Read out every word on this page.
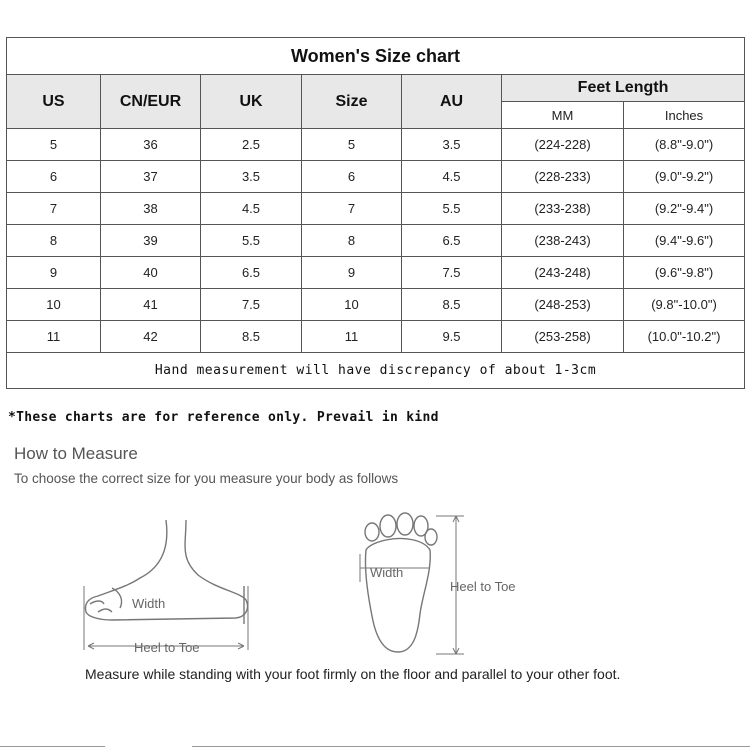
Women's Size chart						
US	CN/EUR	UK	Size	AU	Feet Length	
					MM	Inches
5	36	2.5	5	3.5	(224-228)	(8.8"-9.0")
6	37	3.5	6	4.5	(228-233)	(9.0"-9.2")
7	38	4.5	7	5.5	(233-238)	(9.2"-9.4")
8	39	5.5	8	6.5	(238-243)	(9.4"-9.6")
9	40	6.5	9	7.5	(243-248)	(9.6"-9.8")
10	41	7.5	10	8.5	(248-253)	(9.8"-10.0")
11	42	8.5	11	9.5	(253-258)	(10.0"-10.2")
Hand measurement will have discrepancy of about 1-3cm						
*These charts are for reference only. Prevail in kind
How to Measure
To choose the correct size for you measure your body as follows
Width
Heel to Toe
Width
Heel to Toe
Measure while standing with your foot firmly on the floor and parallel to your other foot.
